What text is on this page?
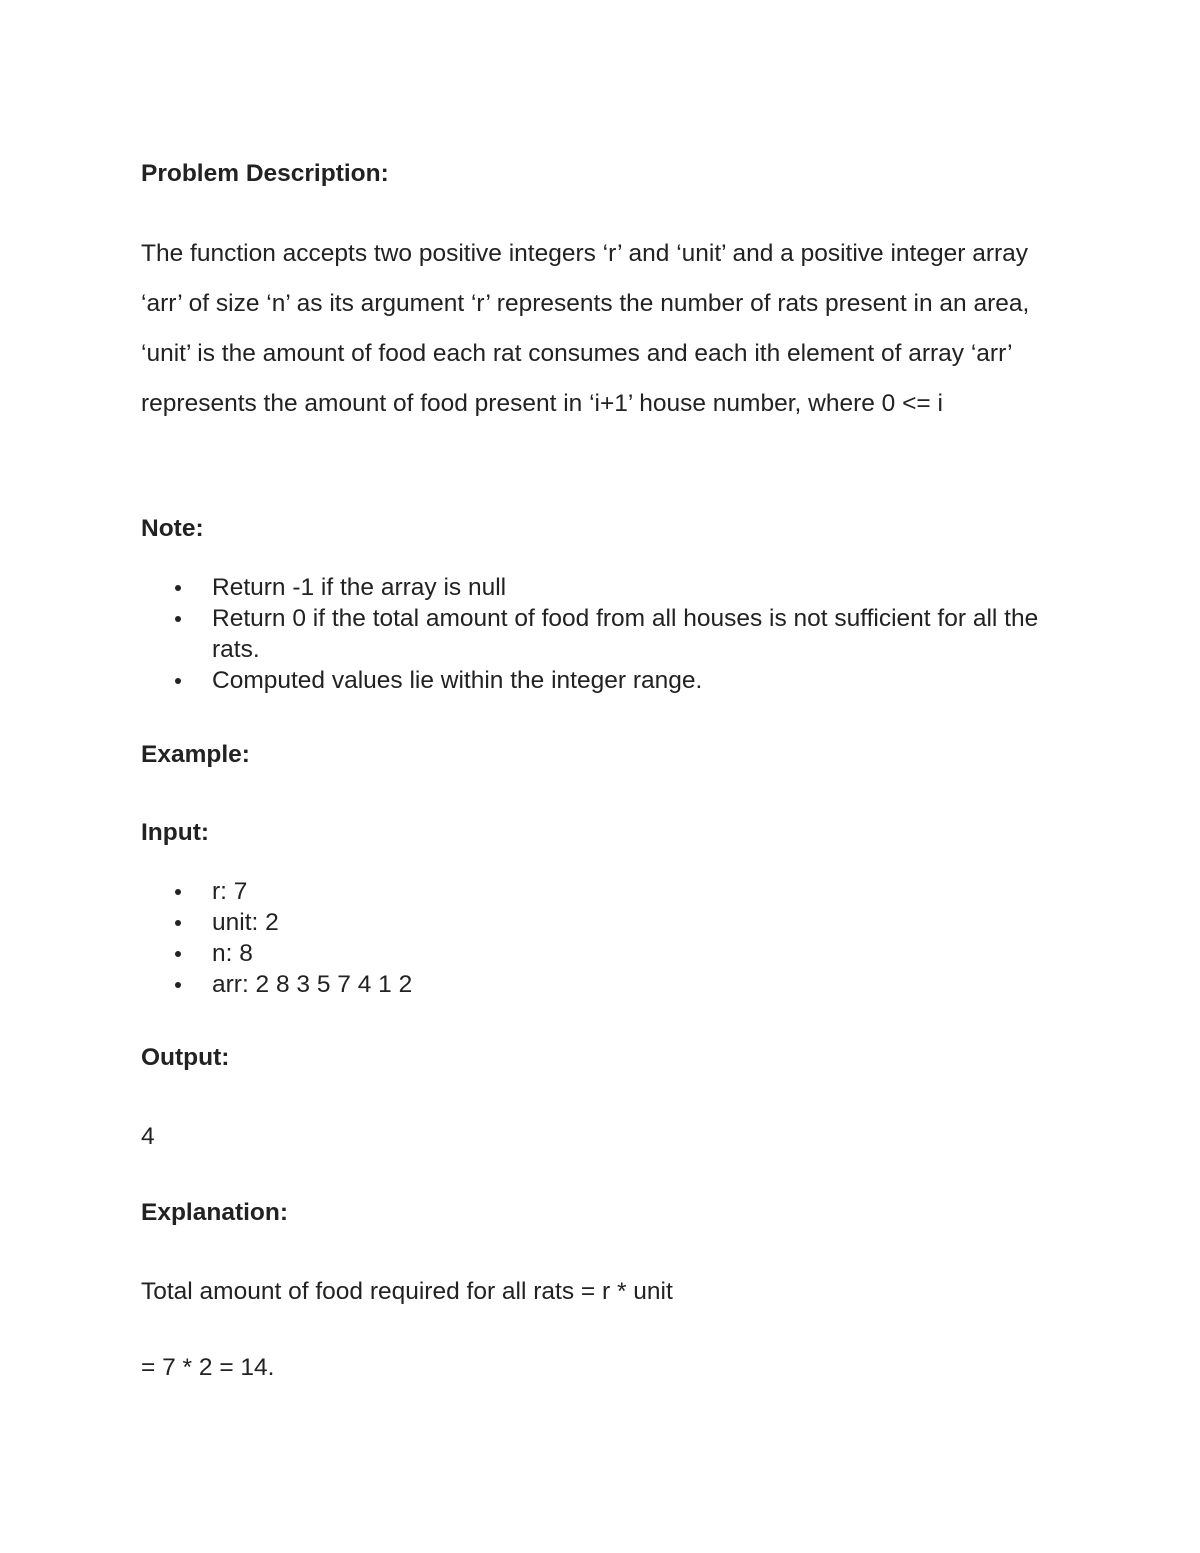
Problem Description:
The function accepts two positive integers ‘r’ and ‘unit’ and a positive integer array ‘arr’ of size ‘n’ as its argument ‘r’ represents the number of rats present in an area, ‘unit’ is the amount of food each rat consumes and each ith element of array ‘arr’ represents the amount of food present in ‘i+1’ house number, where 0 <= i
Note:
Return -1 if the array is null
Return 0 if the total amount of food from all houses is not sufficient for all the rats.
Computed values lie within the integer range.
Example:
Input:
r: 7
unit: 2
n: 8
arr: 2 8 3 5 7 4 1 2
Output:
4
Explanation:
Total amount of food required for all rats = r * unit
= 7 * 2 = 14.
